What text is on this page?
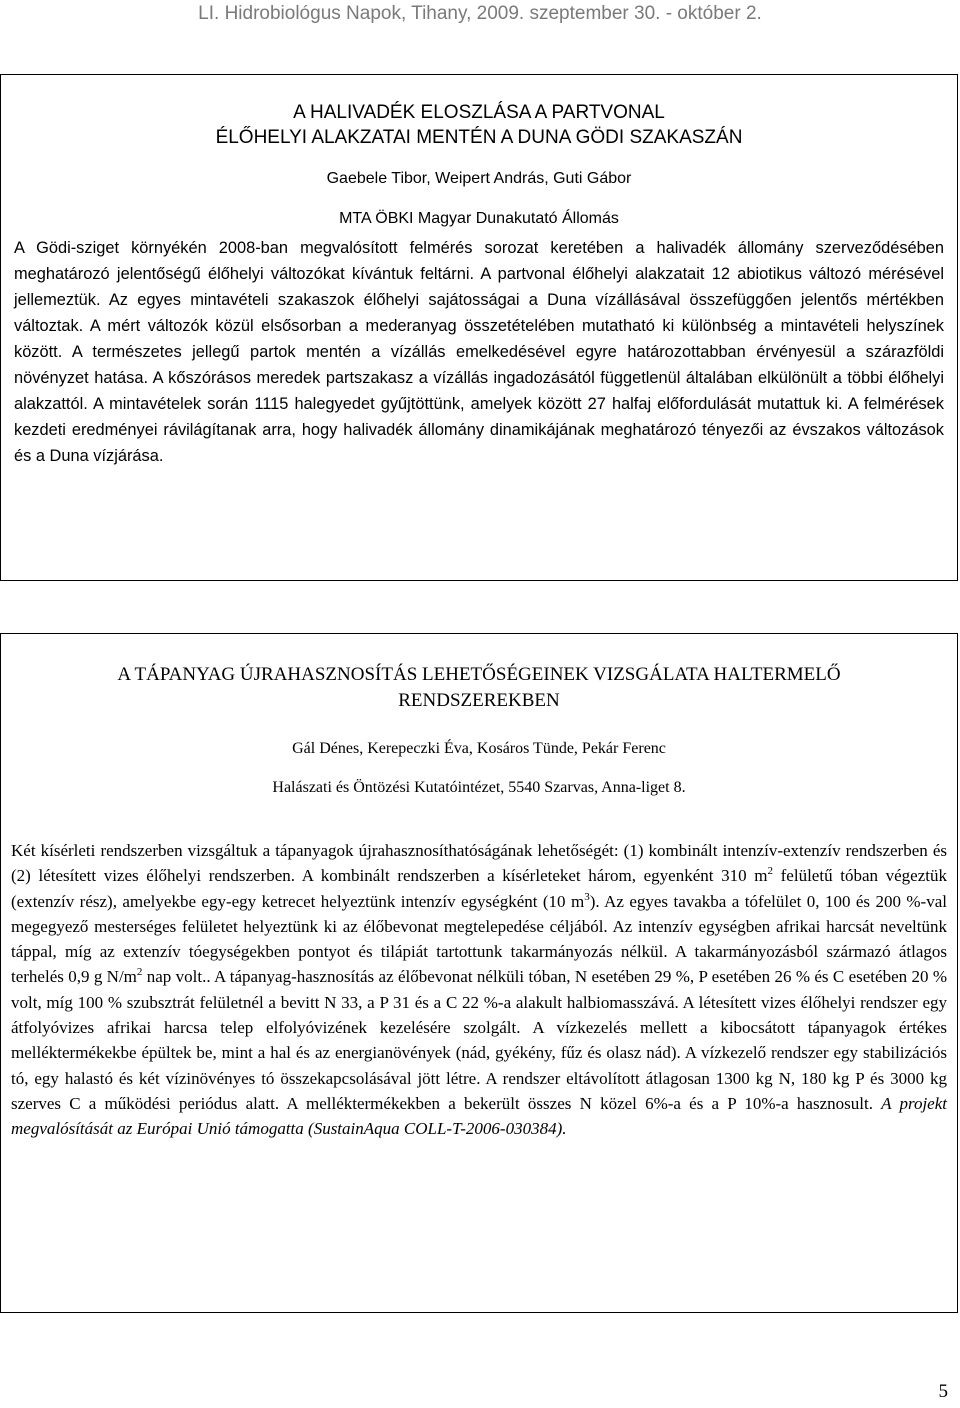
LI. Hidrobiológus Napok, Tihany, 2009. szeptember 30. - október 2.
A HALIVADÉK ELOSZLÁSA A PARTVONAL
ÉLŐHELYI ALAKZATAI MENTÉN A DUNA GÖDI SZAKASZÁN
Gaebele Tibor, Weipert András, Guti Gábor
MTA ÖBKI Magyar Dunakutató Állomás

A Gödi-sziget környékén 2008-ban megvalósított felmérés sorozat keretében a halivadék állomány szerveződésében meghatározó jelentőségű élőhelyi változókat kívántuk feltárni. A partvonal élőhelyi alakzatait 12 abiotikus változó mérésével jellemeztük. Az egyes mintavételi szakaszok élőhelyi sajátosságai a Duna vízállásával összefüggően jelentős mértékben változtak. A mért változók közül elsősorban a mederanyag összetételében mutatható ki különbség a mintavételi helyszínek között. A természetes jellegű partok mentén a vízállás emelkedésével egyre határozottabban érvényesül a szárazföldi növényzet hatása. A kőszórásos meredek partszakasz a vízállás ingadozásától függetlenül általában elkülönült a többi élőhelyi alakzattól. A mintavételek során 1115 halegyedet gyűjtöttünk, amelyek között 27 halfaj előfordulását mutattuk ki. A felmérések kezdeti eredményei rávilágítanak arra, hogy halivadék állomány dinamikájának meghatározó tényezői az évszakos változások és a Duna vízjárása.

A TÁPANYAG ÚJRAHASZNOSÍTÁS LEHETŐSÉGEINEK VIZSGÁLATA HALTERMELŐ
RENDSZEREKBEN
Gál Dénes, Kerepeczki Éva, Kosáros Tünde, Pekár Ferenc
Halászati és Öntözési Kutatóintézet, 5540 Szarvas, Anna-liget 8.

Két kísérleti rendszerben vizsgáltuk a tápanyagok újrahasznosíthatóságának lehetőségét: (1) kombinált intenzív-extenzív rendszerben és (2) létesített vizes élőhelyi rendszerben. A kombinált rendszerben a kísérleteket három, egyenként 310 $m^2$ felületű tóban végeztük (extenzív rész), amelyekbe egy-egy ketrecet helyeztünk intenzív egységként (10 $m^3$). Az egyes tavakba a tófelület 0, 100 és 200 %-val megegyező mesterséges felületet helyeztünk ki az élőbevonat megtelepedése céljából. Az intenzív egységben afrikai harcsát neveltünk táppal, míg az extenzív tóegységekben pontyot és tilápiát tartottunk takarmányozás nélkül. A takarmányozásból származó átlagos terhelés 0,9 g $N/m^2$ nap volt.. A tápanyag-hasznosítás az élőbevonat nélküli tóban, N esetében 29 %, P esetében 26 % és C esetében 20 % volt, míg 100 % szubsztrát felületnél a bevitt N 33, a P 31 és a C 22 %-a alakult halbiomasszává. A létesített vizes élőhelyi rendszer egy átfolyóvizes afrikai harcsa telep elfolyóvizének kezelésére szolgált. A vízkezelés mellett a kibocsátott tápanyagok értékes melléktermékekbe épültek be, mint a hal és az energianövények (nád, gyékény, fűz és olasz nád). A vízkezelő rendszer egy stabilizációs tó, egy halastó és két vízinövényes tó összekapcsolásával jött létre. A rendszer eltávolított átlagosan 1300 kg N, 180 kg P és 3000 kg szerves C a működési periódus alatt. A melléktermékekben a bekerült összes N közel 6%-a és a P 10%-a hasznosult. A projekt megvalósítását az Európai Unió támogatta (SustainAqua COLL-T-2006-030384).

5
